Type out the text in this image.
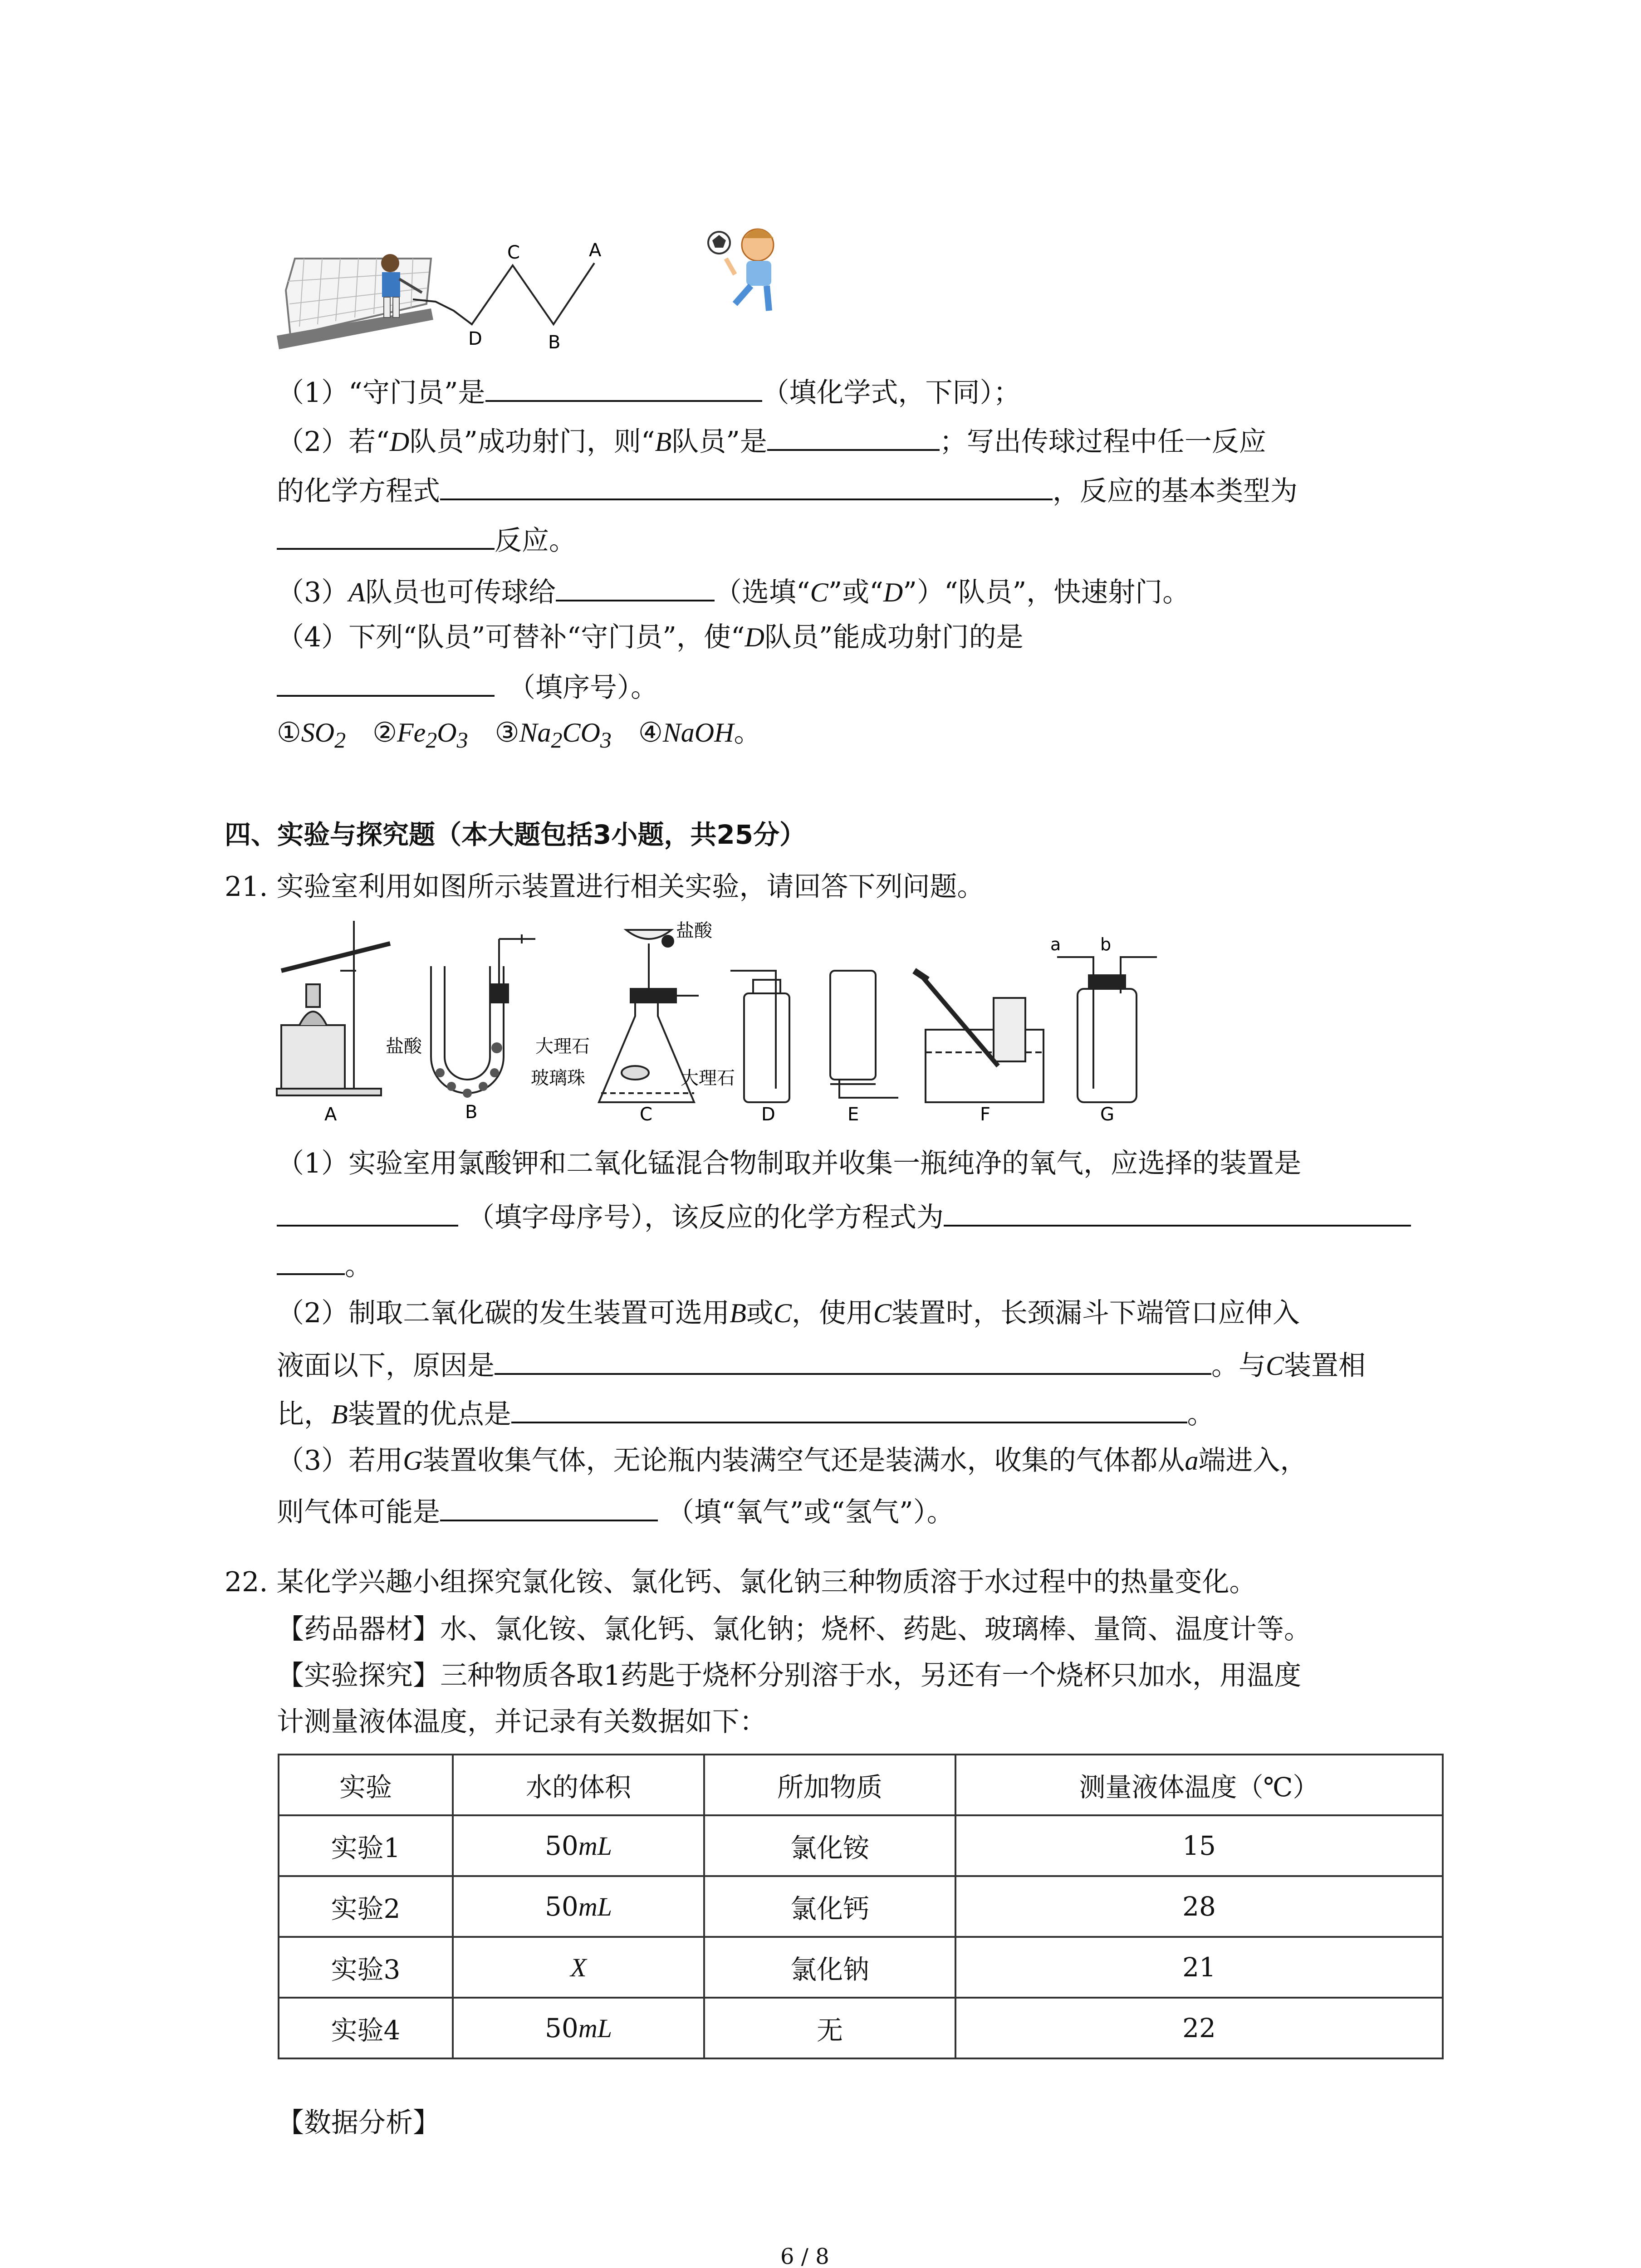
C	A
D	B
（1）“守门员”是	（填化学式，下同）；
（2）若“D队员”成功射门，则“B队员”是	；写出传球过程中任一反应
的化学方程式	，反应的基本类型为
反应。
（3）A队员也可传球给	（选填“C”或“D”）“队员”，快速射门。
（4）下列“队员”可替补“守门员”，使“D队员”能成功射门的是
（填序号）。
$①SO_2$ $②Fe_2O_3$ $③Na_2CO_3$ ④NaOH。
四、实验与探究题（本大题包括3小题，共25分）
21. 实验室利用如图所示装置进行相关实验，请回答下列问题。
盐酸	大理石
玻璃珠
盐酸
大理石
a b
A	B	C	D	E	F	G
（1）实验室用氯酸钾和二氧化锰混合物制取并收集一瓶纯净的氧气，应选择的装置是
（填字母序号），该反应的化学方程式为
。
（2）制取二氧化碳的发生装置可选用B或C，使用C装置时，长颈漏斗下端管口应伸入
液面以下，原因是	。与C装置相
比，B装置的优点是	。
（3）若用G装置收集气体，无论瓶内装满空气还是装满水，收集的气体都从a端进入，
则气体可能是	（填“氧气”或“氢气”）。
22. 某化学兴趣小组探究氯化铵、氯化钙、氯化钠三种物质溶于水过程中的热量变化。
【药品器材】水、氯化铵、氯化钙、氯化钠；烧杯、药匙、玻璃棒、量筒、温度计等。
【实验探究】三种物质各取1药匙于烧杯分别溶于水，另还有一个烧杯只加水，用温度
计测量液体温度，并记录有关数据如下：
实验	水的体积	所加物质	测量液体温度（℃）
实验1	50mL	氯化铵	15
实验2	50mL	氯化钙	28
实验3	X	氯化钠	21
实验4	50mL	无	22
【数据分析】
6 / 8
